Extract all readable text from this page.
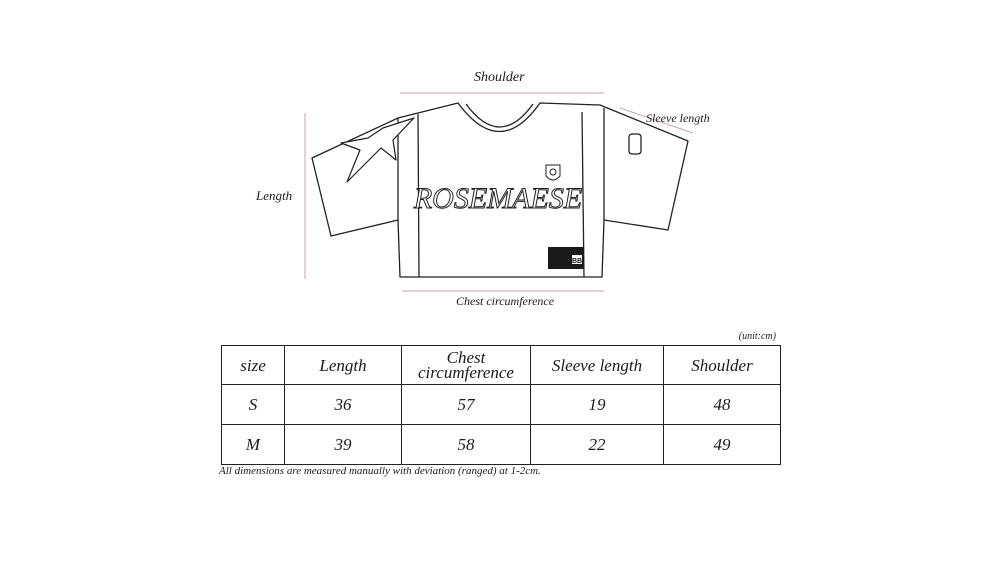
ROSEMAESE
BB
Shoulder
Sleeve length
Length
Chest circumference
(unit:cm)
size	Length	Chest circumference	Sleeve length	Shoulder
S	36	57	19	48
M	39	58	22	49
All dimensions are measured manually with deviation (ranged) at 1-2cm.
